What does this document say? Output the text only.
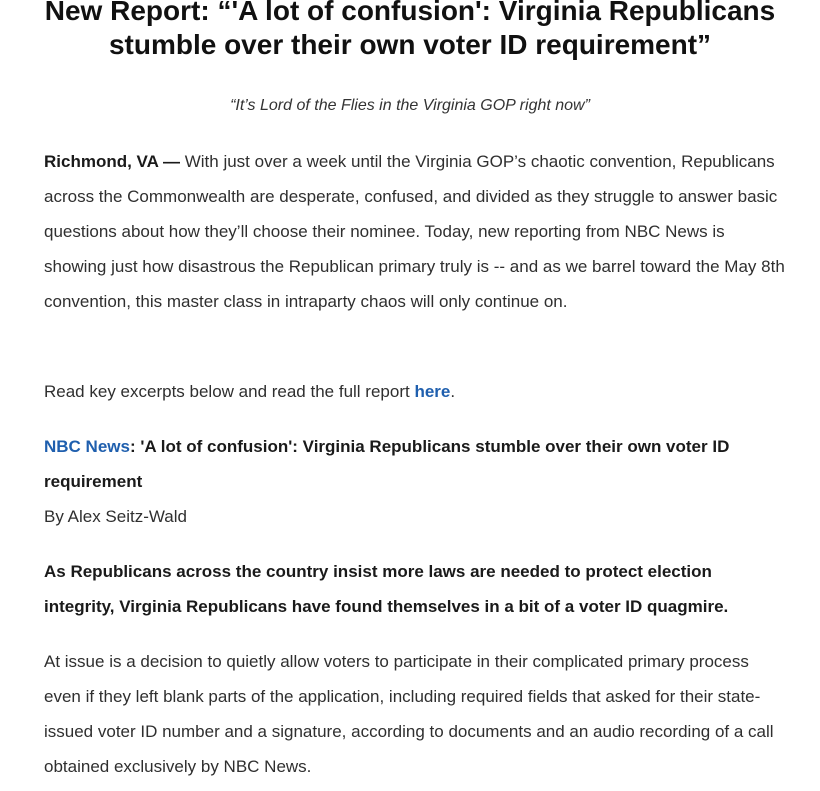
New Report: “'A lot of confusion': Virginia Republicans stumble over their own voter ID requirement”

“It’s Lord of the Flies in the Virginia GOP right now”

Richmond, VA — With just over a week until the Virginia GOP’s chaotic convention, Republicans across the Commonwealth are desperate, confused, and divided as they struggle to answer basic questions about how they’ll choose their nominee. Today, new reporting from NBC News is showing just how disastrous the Republican primary truly is -- and as we barrel toward the May 8th convention, this master class in intraparty chaos will only continue on.

Read key excerpts below and read the full report here.

NBC News: 'A lot of confusion': Virginia Republicans stumble over their own voter ID requirement

By Alex Seitz-Wald

As Republicans across the country insist more laws are needed to protect election integrity, Virginia Republicans have found themselves in a bit of a voter ID quagmire.

At issue is a decision to quietly allow voters to participate in their complicated primary process even if they left blank parts of the application, including required fields that asked for their state-issued voter ID number and a signature, according to documents and an audio recording of a call obtained exclusively by NBC News.
